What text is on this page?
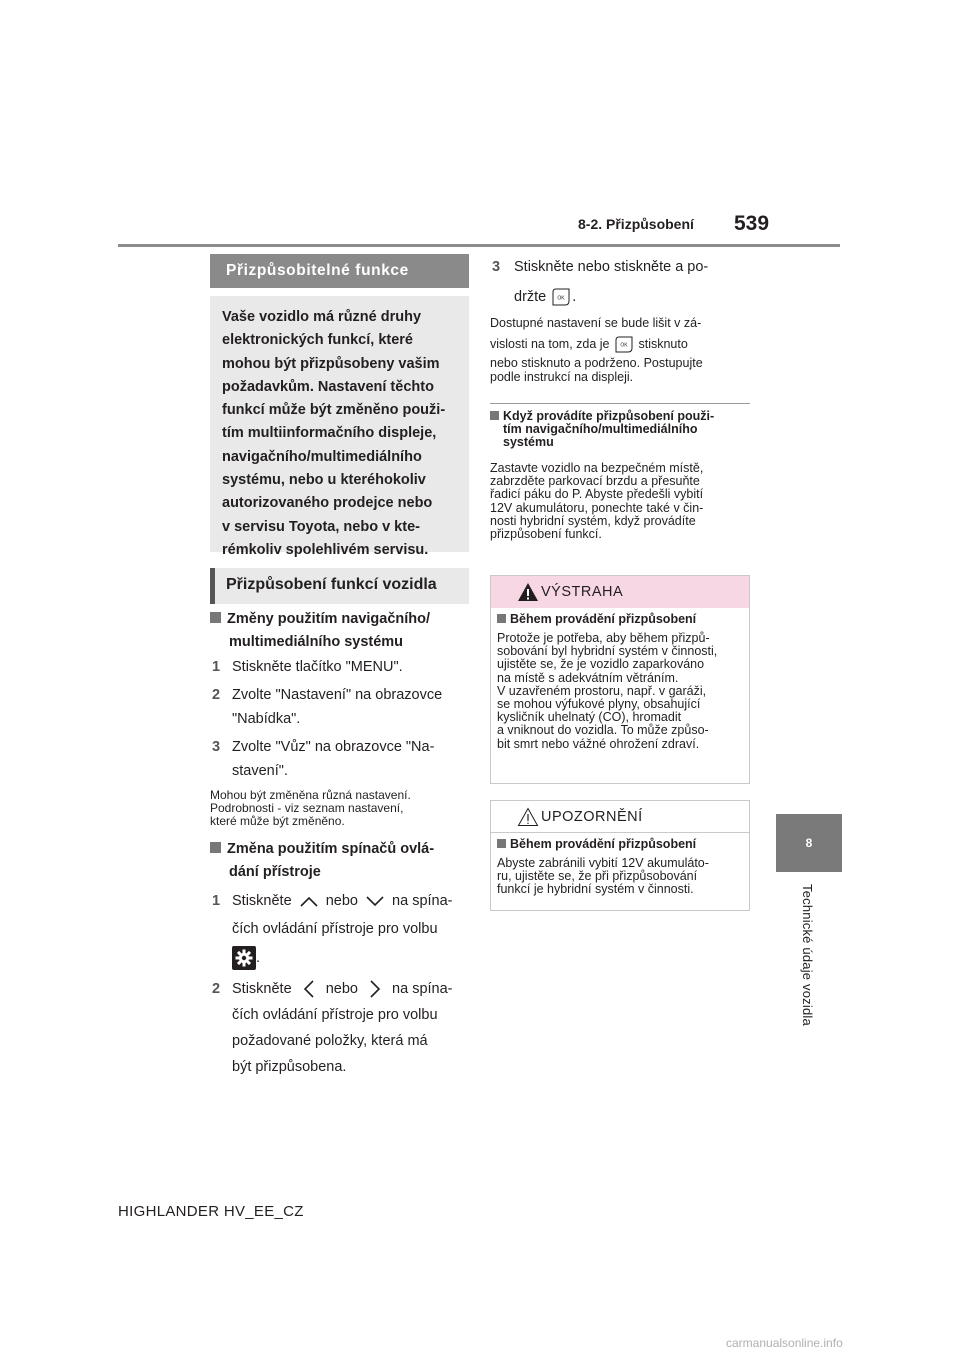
8-2. Přizpůsobení 539
8
Technické údaje vozidla
Přizpůsobitelné funkce
Vaše vozidlo má různé druhy
elektronických funkcí, které
mohou být přizpůsobeny vašim
požadavkům. Nastavení těchto
funkcí může být změněno použi-
tím multiinformačního displeje,
navigačního/multimediálního
systému, nebo u kteréhokoliv
autorizovaného prodejce nebo
v servisu Toyota, nebo v kte-
rémkoliv spolehlivém servisu.
Přizpůsobení funkcí vozidla
Změny použitím navigačního/
multimediálního systému
1 Stiskněte tlačítko "MENU".
2 Zvolte "Nastavení" na obrazovce
"Nabídka".
3 Zvolte "Vůz" na obrazovce "Na-
stavení".
Mohou být změněna různá nastavení.
Podrobnosti - viz seznam nastavení,
které může být změněno.
Změna použitím spínačů ovlá-
dání přístroje
1 Stiskněte nebo na spína-
čích ovládání přístroje pro volbu
.
2 Stiskněte nebo na spína-
čích ovládání přístroje pro volbu
požadované položky, která má
být přizpůsobena.
3 Stiskněte nebo stiskněte a po-
držte OK .
Dostupné nastavení se bude lišit v zá-
vislosti na tom, zda je OK stisknuto
nebo stisknuto a podrženo. Postupujte
podle instrukcí na displeji.
Když provádíte přizpůsobení použi-
tím navigačního/multimediálního
systému
Zastavte vozidlo na bezpečném místě,
zabrzděte parkovací brzdu a přesuňte
řadicí páku do P. Abyste předešli vybití
12V akumulátoru, ponechte také v čin-
nosti hybridní systém, když provádíte
přizpůsobení funkcí.
VÝSTRAHA
Během provádění přizpůsobení
Protože je potřeba, aby během přizpů-
sobování byl hybridní systém v činnosti,
ujistěte se, že je vozidlo zaparkováno
na místě s adekvátním větráním.
V uzavřeném prostoru, např. v garáži,
se mohou výfukové plyny, obsahující
kysličník uhelnatý (CO), hromadit
a vniknout do vozidla. To může způso-
bit smrt nebo vážné ohrožení zdraví.
UPOZORNĚNÍ
Během provádění přizpůsobení
Abyste zabránili vybití 12V akumuláto-
ru, ujistěte se, že při přizpůsobování
funkcí je hybridní systém v činnosti.
HIGHLANDER HV_EE_CZ
carmanualsonline.info
